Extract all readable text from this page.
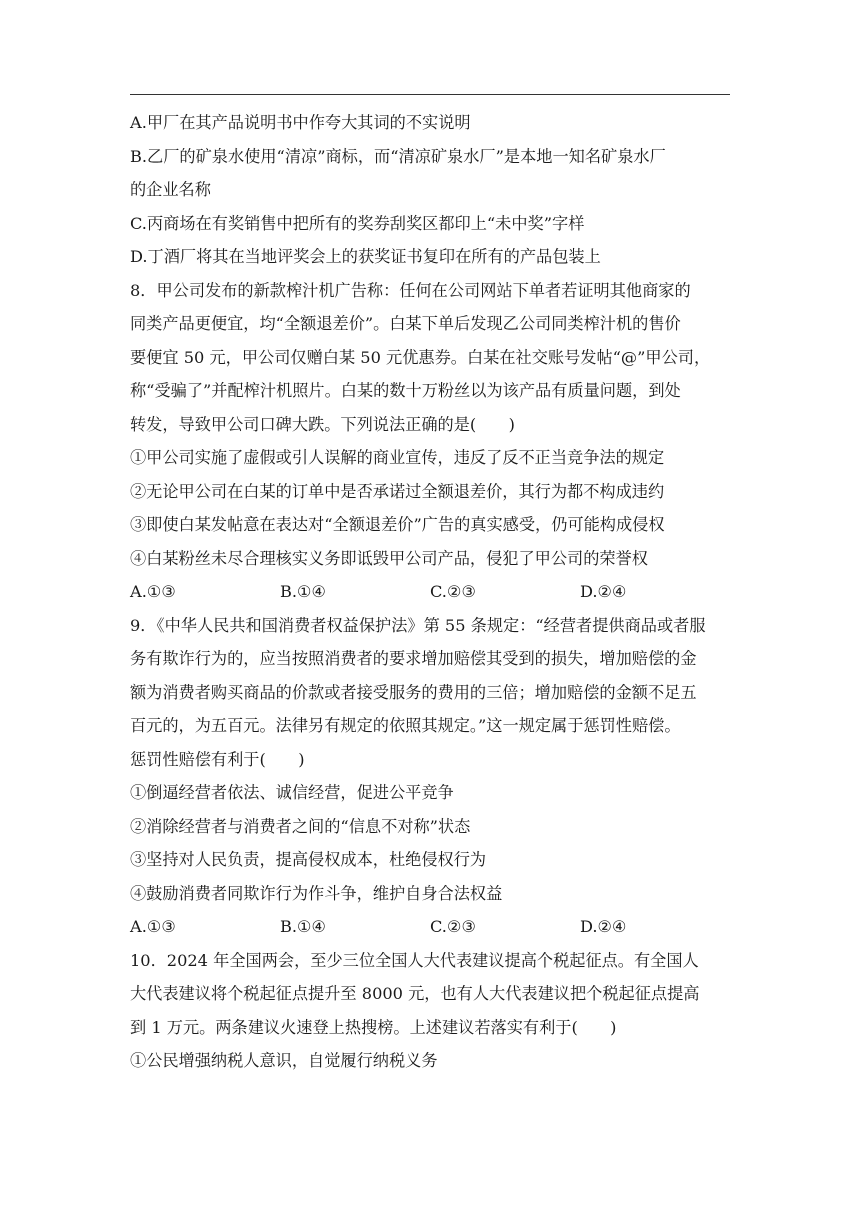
A.甲厂在其产品说明书中作夸大其词的不实说明
B.乙厂的矿泉水使用“清凉”商标，而“清凉矿泉水厂”是本地一知名矿泉水厂
的企业名称
C.丙商场在有奖销售中把所有的奖券刮奖区都印上“未中奖”字样
D.丁酒厂将其在当地评奖会上的获奖证书复印在所有的产品包装上
8．甲公司发布的新款榨汁机广告称：任何在公司网站下单者若证明其他商家的
同类产品更便宜，均“全额退差价”。白某下单后发现乙公司同类榨汁机的售价
要便宜 50 元，甲公司仅赠白某 50 元优惠券。白某在社交账号发帖“@”甲公司，
称“受骗了”并配榨汁机照片。白某的数十万粉丝以为该产品有质量问题，到处
转发，导致甲公司口碑大跌。下列说法正确的是(　　)
①甲公司实施了虚假或引人误解的商业宣传，违反了反不正当竞争法的规定
②无论甲公司在白某的订单中是否承诺过全额退差价，其行为都不构成违约
③即使白某发帖意在表达对“全额退差价”广告的真实感受，仍可能构成侵权
④白某粉丝未尽合理核实义务即诋毁甲公司产品，侵犯了甲公司的荣誉权
A.①③	B.①④	C.②③	D.②④
9．《中华人民共和国消费者权益保护法》第 55 条规定：“经营者提供商品或者服
务有欺诈行为的，应当按照消费者的要求增加赔偿其受到的损失，增加赔偿的金
额为消费者购买商品的价款或者接受服务的费用的三倍；增加赔偿的金额不足五
百元的，为五百元。法律另有规定的依照其规定。”这一规定属于惩罚性赔偿。
惩罚性赔偿有利于(　　)
①倒逼经营者依法、诚信经营，促进公平竞争
②消除经营者与消费者之间的“信息不对称”状态
③坚持对人民负责，提高侵权成本，杜绝侵权行为
④鼓励消费者同欺诈行为作斗争，维护自身合法权益
A.①③	B.①④	C.②③	D.②④
10．2024 年全国两会，至少三位全国人大代表建议提高个税起征点。有全国人
大代表建议将个税起征点提升至 8000 元，也有人大代表建议把个税起征点提高
到 1 万元。两条建议火速登上热搜榜。上述建议若落实有利于(　　)
①公民增强纳税人意识，自觉履行纳税义务
